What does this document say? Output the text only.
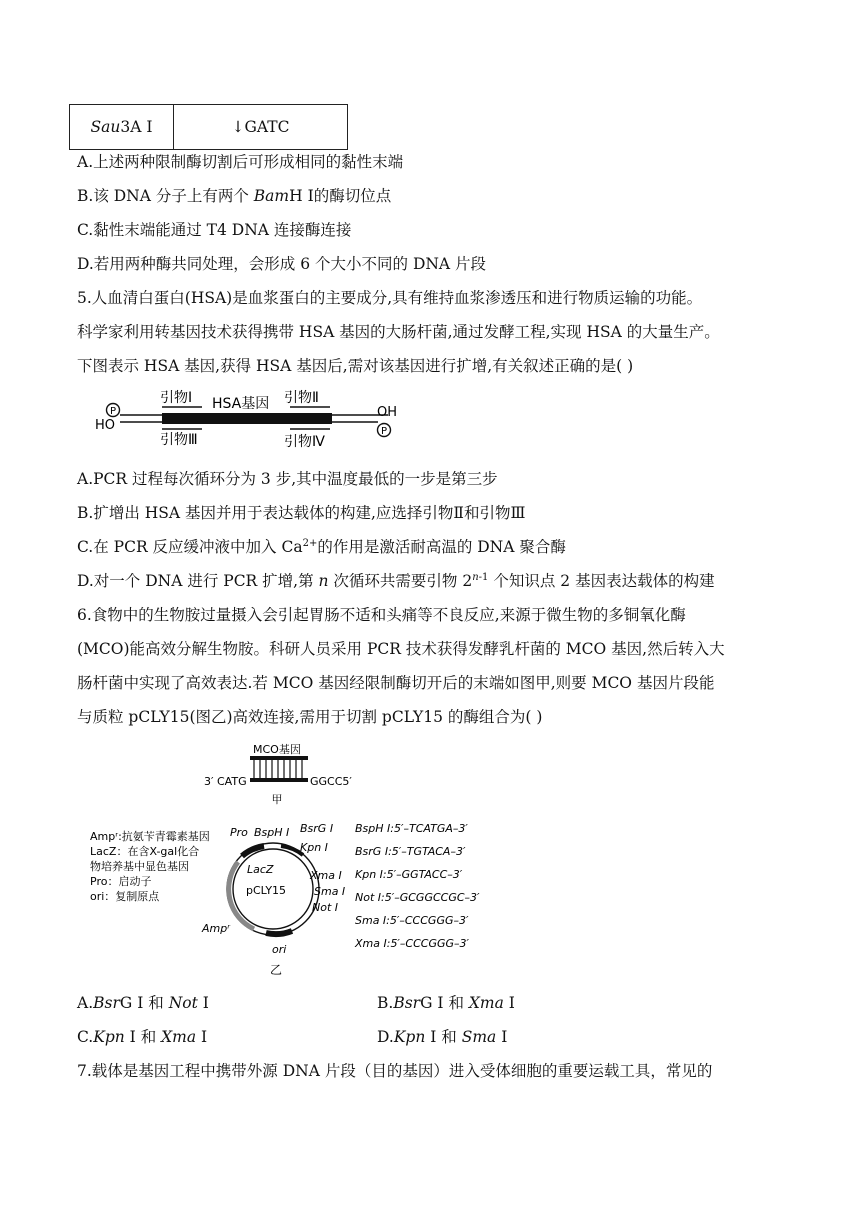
Sau3A Ⅰ	↓GATC
A.上述两种限制酶切割后可形成相同的黏性末端
B.该 DNA 分子上有两个 BamH Ⅰ的酶切位点
C.黏性末端能通过 T4 DNA 连接酶连接
D.若用两种酶共同处理，会形成 6 个大小不同的 DNA 片段
5.人血清白蛋白(HSA)是血浆蛋白的主要成分,具有维持血浆渗透压和进行物质运输的功能。
科学家利用转基因技术获得携带 HSA 基因的大肠杆菌,通过发酵工程,实现 HSA 的大量生产。
下图表示 HSA 基因,获得 HSA 基因后,需对该基因进行扩增,有关叙述正确的是( )
P
HO
OH
P
引物Ⅰ HSA基因 引物Ⅱ
引物Ⅲ	引物Ⅳ
A.PCR 过程每次循环分为 3 步,其中温度最低的一步是第三步
B.扩增出 HSA 基因并用于表达载体的构建,应选择引物Ⅱ和引物Ⅲ
C.在 PCR 反应缓冲液中加入 $Ca^{2+}$的作用是激活耐高温的 DNA 聚合酶
D.对一个 DNA 进行 PCR 扩增,第 n 次循环共需要引物 2$^{n-1}$ 个知识点 2 基因表达载体的构建
6.食物中的生物胺过量摄入会引起胃肠不适和头痛等不良反应,来源于微生物的多铜氧化酶
(MCO)能高效分解生物胺。科研人员采用 PCR 技术获得发酵乳杆菌的 MCO 基因,然后转入大
肠杆菌中实现了高效表达.若 MCO 基因经限制酶切开后的末端如图甲,则要 MCO 基因片段能
与质粒 pCLY15(图乙)高效连接,需用于切割 pCLY15 的酶组合为( )
MCO基因
3′ CATG	GGCC5′
甲
Ampʳ:抗氨苄青霉素基因
LacZ：在含X-gal化合
物培养基中显色基因
Pro：启动子
ori：复制原点
LacZ
pCLY15
Pro BspH Ⅰ BsrG Ⅰ
Kpn Ⅰ
Xma Ⅰ
Sma Ⅰ
Not Ⅰ
Ampʳ
ori
乙
BspH Ⅰ:5′–TCATGA–3′
BsrG Ⅰ:5′–TGTACA–3′
Kpn Ⅰ:5′–GGTACC–3′
Not Ⅰ:5′–GCGGCCGC–3′
Sma Ⅰ:5′–CCCGGG–3′
Xma Ⅰ:5′–CCCGGG–3′
A.BsrG I 和 Not I	B.BsrG I 和 Xma I
C.Kpn I 和 Xma I	D.Kpn I 和 Sma I
7.载体是基因工程中携带外源 DNA 片段（目的基因）进入受体细胞的重要运载工具，常见的
